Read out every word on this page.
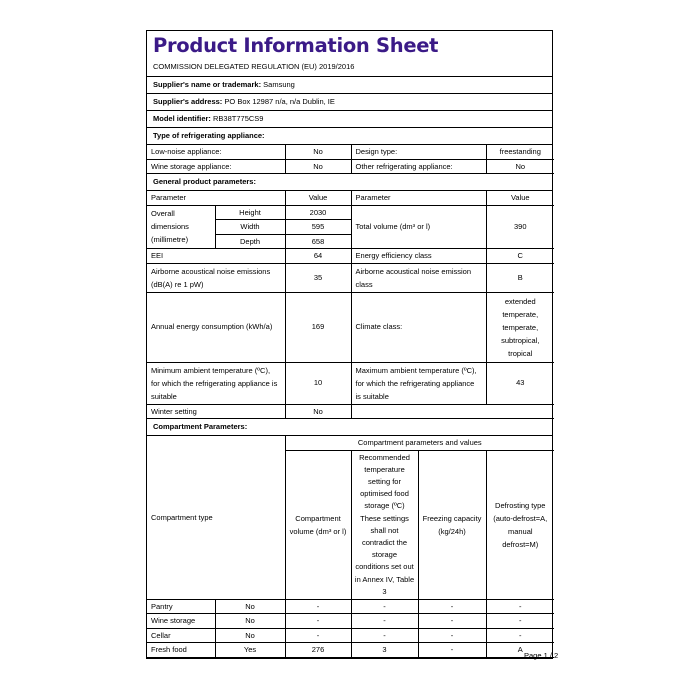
Product Information Sheet
COMMISSION DELEGATED REGULATION (EU) 2019/2016
Supplier's name or trademark: Samsung
Supplier's address: PO Box 12987 n/a, n/a Dublin, IE
Model identifier: RB38T775CS9
Type of refrigerating appliance:
Low-noise appliance:	No	Design type:	freestanding
Wine storage appliance:	No	Other refrigerating appliance:	No
General product parameters:
Parameter		Value	Parameter	Value
Overall dimensions (millimetre)	Height	2030	Total volume (dm³ or l)	390
	Width	595		
	Depth	658		
EEI		64	Energy efficiency class	C
Airborne acoustical noise emissions (dB(A) re 1 pW)		35	Airborne acoustical noise emission class	B
Annual energy consumption (kWh/a)		169	Climate class:	extended temperate, temperate, subtropical, tropical
Minimum ambient temperature (ºC), for which the refrigerating appliance is suitable		10	Maximum ambient temperature (ºC), for which the refrigerating appliance is suitable	43
Winter setting		No		
Compartment Parameters:
Compartment type		Compartment parameters and values			
		Compartment volume (dm³ or l)	Recommended temperature setting for optimised food storage (ºC) These settings shall not contradict the storage conditions set out in Annex IV, Table 3	Freezing capacity (kg/24h)	Defrosting type (auto-defrost=A, manual defrost=M)
Pantry	No	-	-	-	-
Wine storage	No	-	-	-	-
Cellar	No	-	-	-	-
Fresh food	Yes	276	3	-	A
Page 1 / 2
